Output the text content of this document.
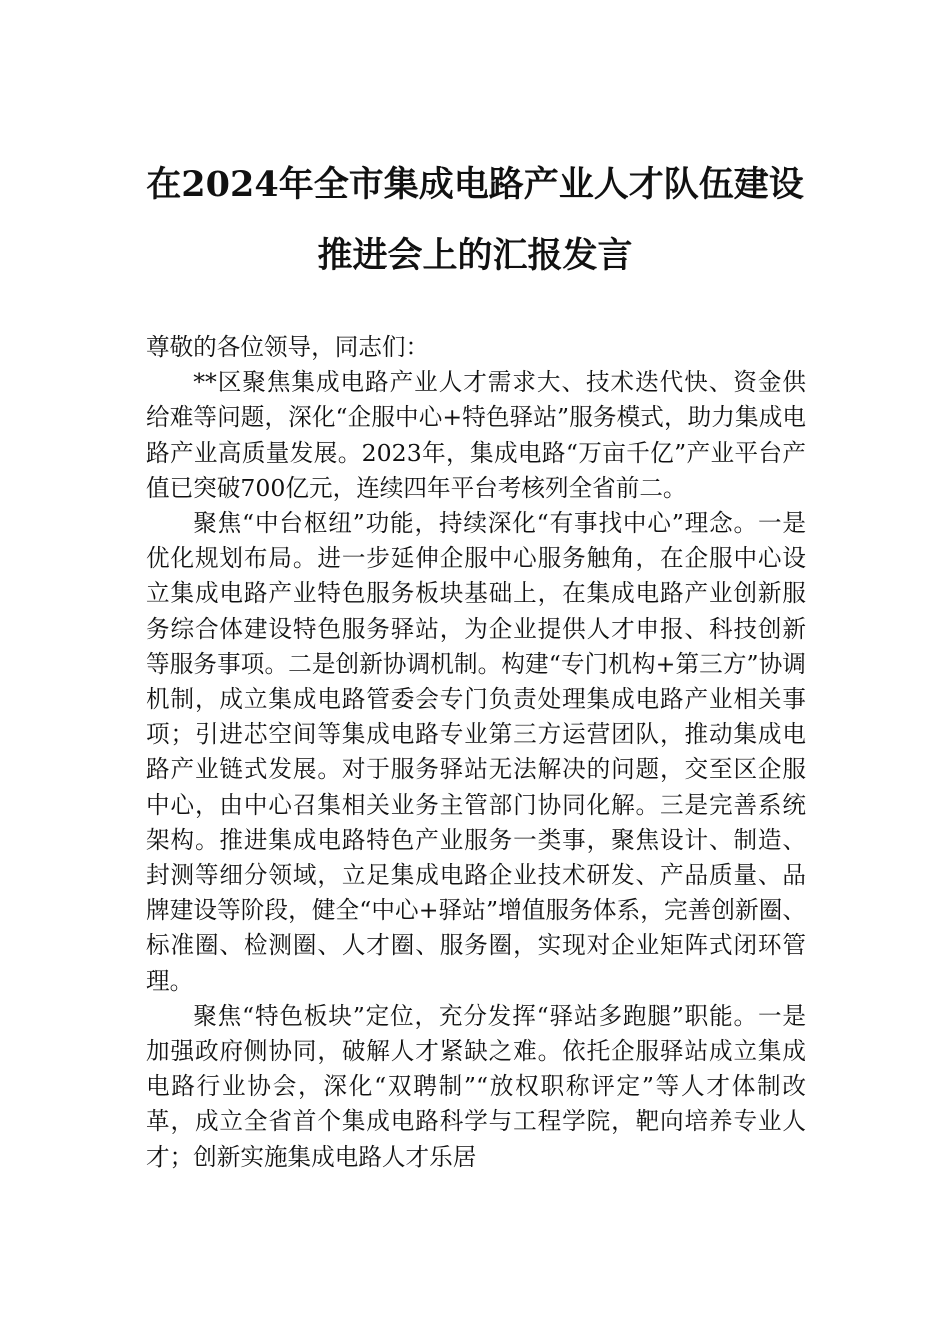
在2024年全市集成电路产业人才队伍建设
推进会上的汇报发言

尊敬的各位领导，同志们：

**区聚焦集成电路产业人才需求大、技术迭代快、资金供给难等问题，深化“企服中心+特色驿站”服务模式，助力集成电路产业高质量发展。2023年，集成电路“万亩千亿”产业平台产值已突破700亿元，连续四年平台考核列全省前二。

聚焦“中台枢纽”功能，持续深化“有事找中心”理念。一是优化规划布局。进一步延伸企服中心服务触角，在企服中心设立集成电路产业特色服务板块基础上，在集成电路产业创新服务综合体建设特色服务驿站，为企业提供人才申报、科技创新等服务事项。二是创新协调机制。构建“专门机构+第三方”协调机制，成立集成电路管委会专门负责处理集成电路产业相关事项；引进芯空间等集成电路专业第三方运营团队，推动集成电路产业链式发展。对于服务驿站无法解决的问题，交至区企服中心，由中心召集相关业务主管部门协同化解。三是完善系统架构。推进集成电路特色产业服务一类事，聚焦设计、制造、封测等细分领域，立足集成电路企业技术研发、产品质量、品牌建设等阶段，健全“中心+驿站”增值服务体系，完善创新圈、标准圈、检测圈、人才圈、服务圈，实现对企业矩阵式闭环管理。

聚焦“特色板块”定位，充分发挥“驿站多跑腿”职能。一是加强政府侧协同，破解人才紧缺之难。依托企服驿站成立集成电路行业协会，深化“双聘制”“放权职称评定”等人才体制改革，成立全省首个集成电路科学与工程学院，靶向培养专业人才；创新实施集成电路人才乐居
